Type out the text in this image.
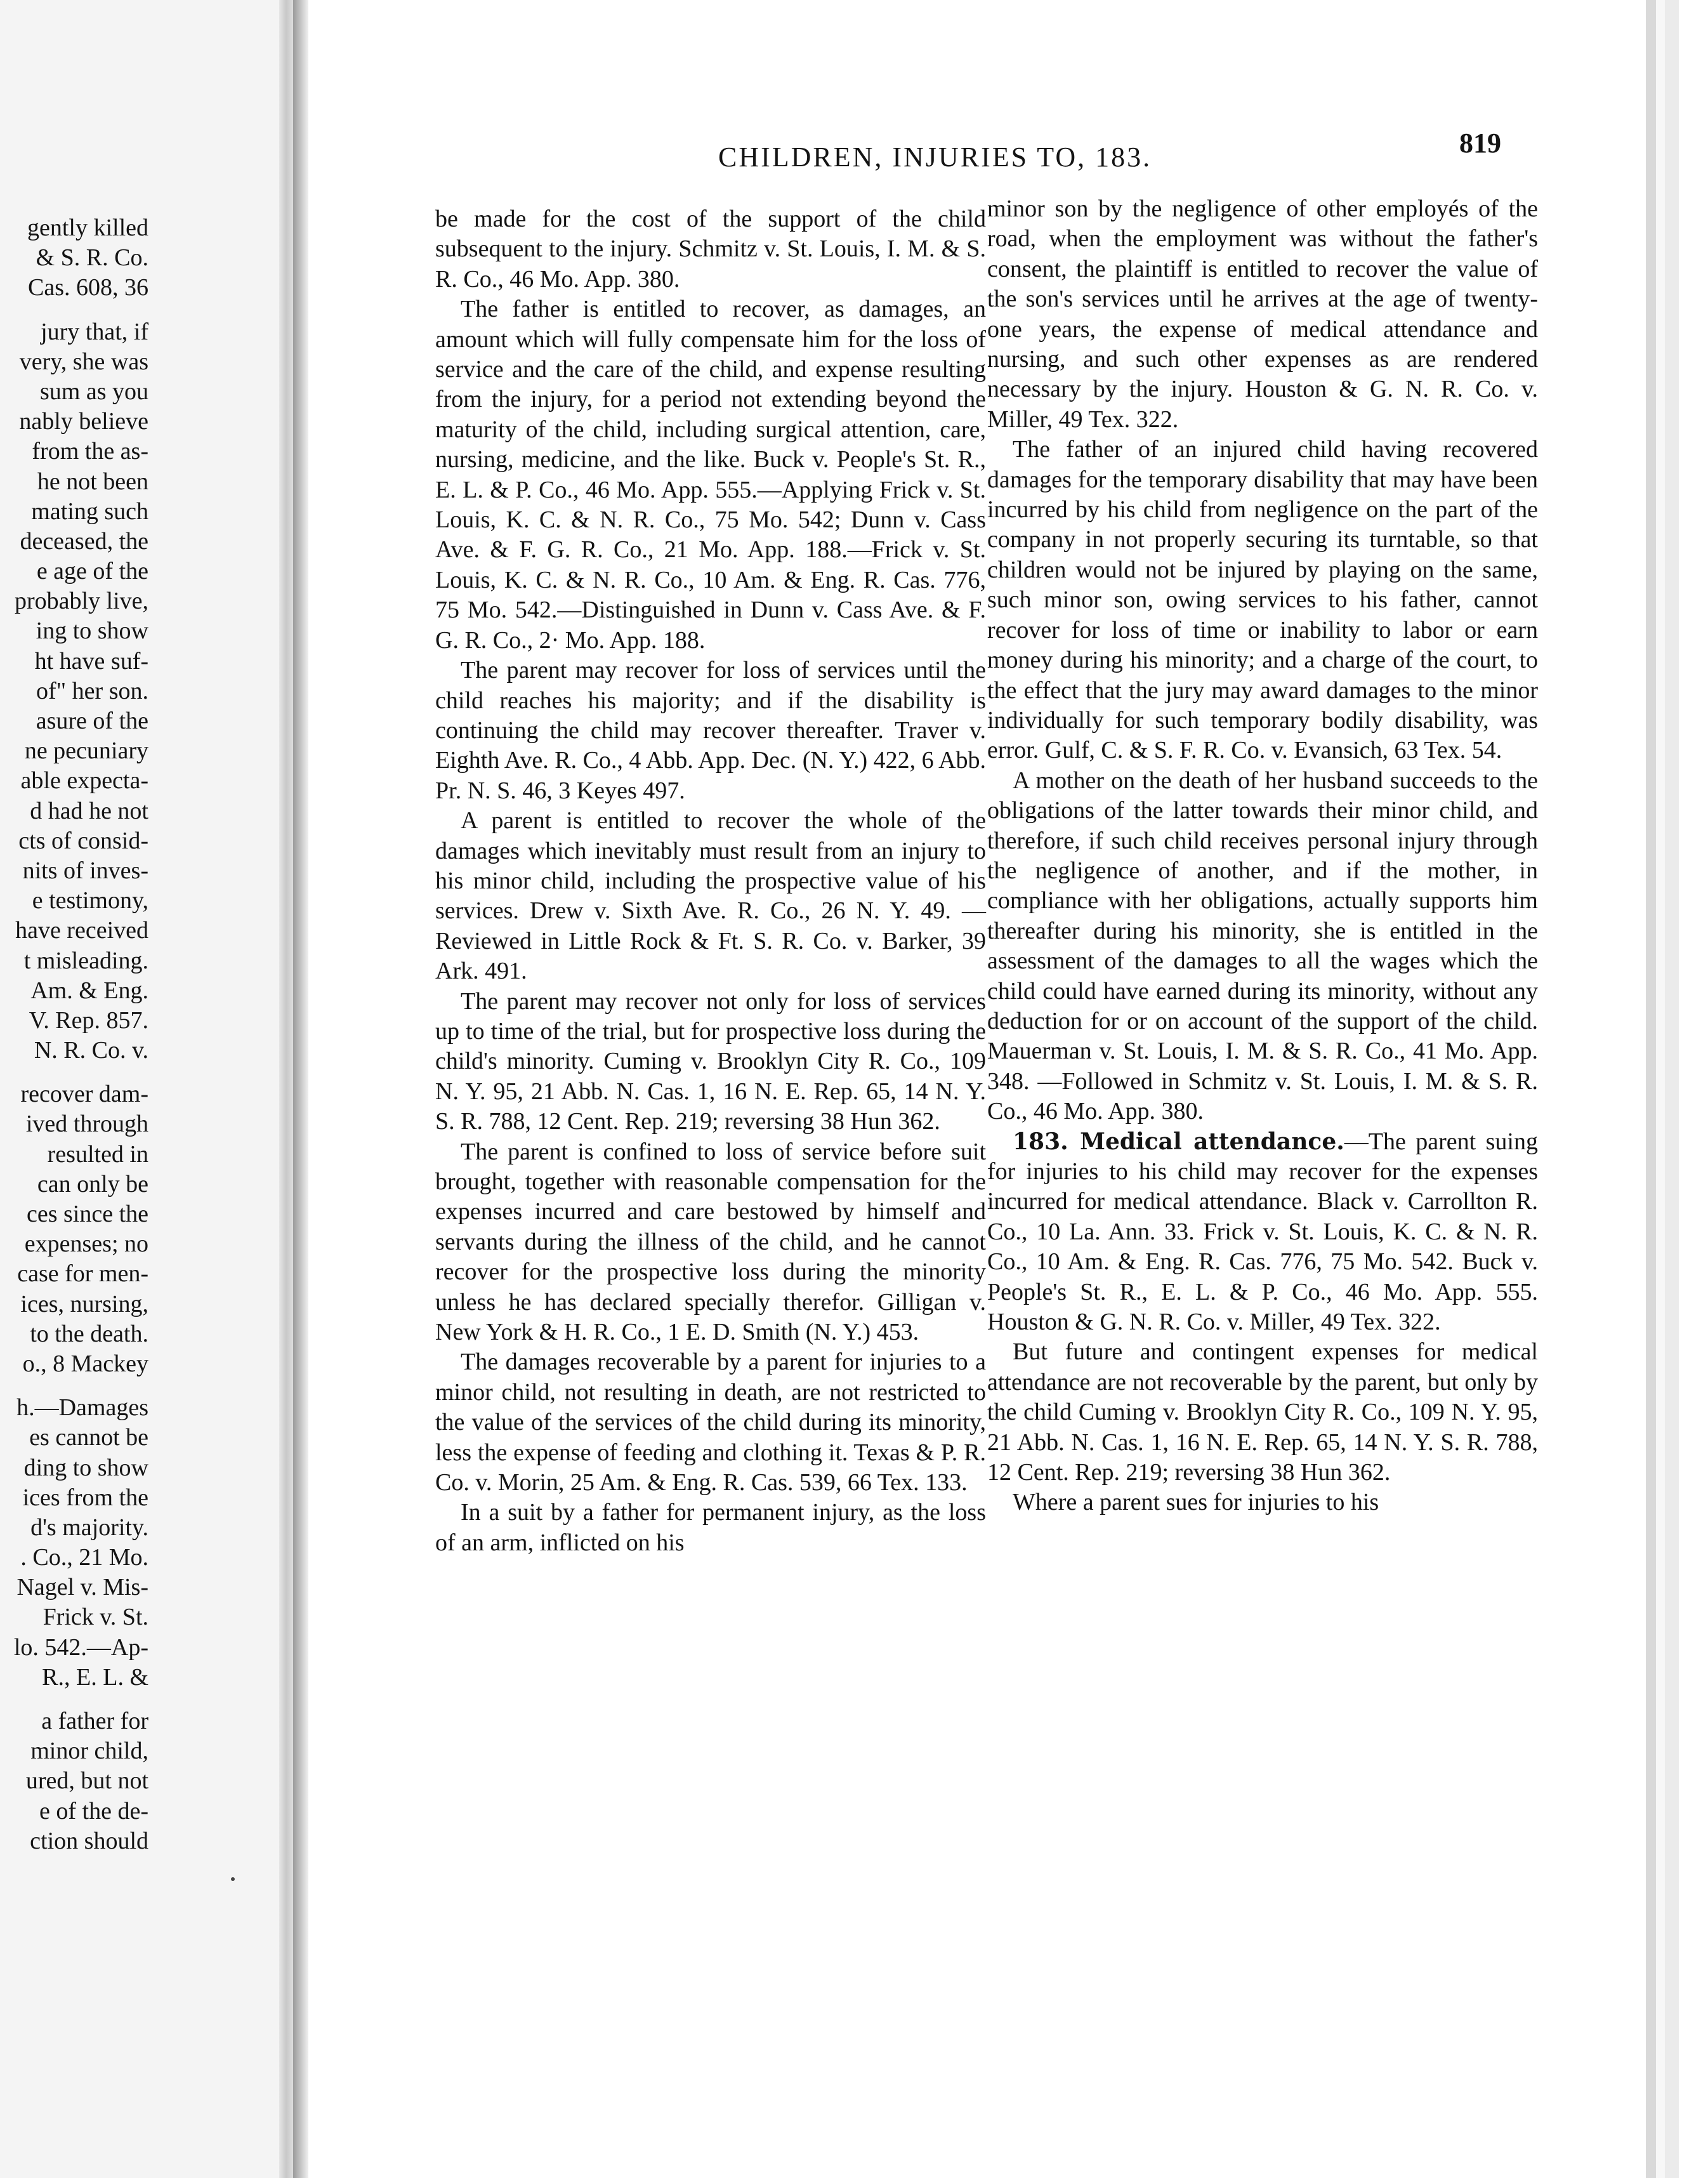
gently killed
& S. R. Co.
Cas. 608, 36
jury that, if
very, she was
sum as you
nably believe
from the as-
he not been
mating such
deceased, the
e age of the
probably live,
ing to show
ht have suf-
of" her son.
asure of the
ne pecuniary
able expecta-
d had he not
cts of consid-
nits of inves-
e testimony,
have received
t misleading.
Am. & Eng.
V. Rep. 857.
N. R. Co. v.
recover dam-
ived through
resulted in
can only be
ces since the
expenses; no
case for men-
ices, nursing,
to the death.
o., 8 Mackey
h.—Damages
es cannot be
ding to show
ices from the
d's majority.
. Co., 21 Mo.
Nagel v. Mis-
Frick v. St.
lo. 542.—Ap-
R., E. L. &
a father for
minor child,
ured, but not
e of the de-
ction should
CHILDREN, INJURIES TO, 183.	819

be made for the cost of the support of the child subsequent to the injury. Schmitz v. St. Louis, I. M. & S. R. Co., 46 Mo. App. 380.

The father is entitled to recover, as damages, an amount which will fully compensate him for the loss of service and the care of the child, and expense resulting from the injury, for a period not extending beyond the maturity of the child, including surgical attention, care, nursing, medicine, and the like. Buck v. People's St. R., E. L. & P. Co., 46 Mo. App. 555.—Applying Frick v. St. Louis, K. C. & N. R. Co., 75 Mo. 542; Dunn v. Cass Ave. & F. G. R. Co., 21 Mo. App. 188.—Frick v. St. Louis, K. C. & N. R. Co., 10 Am. & Eng. R. Cas. 776, 75 Mo. 542.—Distinguished in Dunn v. Cass Ave. & F. G. R. Co., 2· Mo. App. 188.

The parent may recover for loss of services until the child reaches his majority; and if the disability is continuing the child may recover thereafter. Traver v. Eighth Ave. R. Co., 4 Abb. App. Dec. (N. Y.) 422, 6 Abb. Pr. N. S. 46, 3 Keyes 497.

A parent is entitled to recover the whole of the damages which inevitably must result from an injury to his minor child, including the prospective value of his services. Drew v. Sixth Ave. R. Co., 26 N. Y. 49. — Reviewed in Little Rock & Ft. S. R. Co. v. Barker, 39 Ark. 491.

The parent may recover not only for loss of services up to time of the trial, but for prospective loss during the child's minority. Cuming v. Brooklyn City R. Co., 109 N. Y. 95, 21 Abb. N. Cas. 1, 16 N. E. Rep. 65, 14 N. Y. S. R. 788, 12 Cent. Rep. 219; reversing 38 Hun 362.

The parent is confined to loss of service before suit brought, together with reasonable compensation for the expenses incurred and care bestowed by himself and servants during the illness of the child, and he cannot recover for the prospective loss during the minority unless he has declared specially therefor. Gilligan v. New York & H. R. Co., 1 E. D. Smith (N. Y.) 453.

The damages recoverable by a parent for injuries to a minor child, not resulting in death, are not restricted to the value of the services of the child during its minority, less the expense of feeding and clothing it. Texas & P. R. Co. v. Morin, 25 Am. & Eng. R. Cas. 539, 66 Tex. 133.

In a suit by a father for permanent injury, as the loss of an arm, inflicted on his

minor son by the negligence of other employés of the road, when the employment was without the father's consent, the plaintiff is entitled to recover the value of the son's services until he arrives at the age of twenty-one years, the expense of medical attendance and nursing, and such other expenses as are rendered necessary by the injury. Houston & G. N. R. Co. v. Miller, 49 Tex. 322.

The father of an injured child having recovered damages for the temporary disability that may have been incurred by his child from negligence on the part of the company in not properly securing its turntable, so that children would not be injured by playing on the same, such minor son, owing services to his father, cannot recover for loss of time or inability to labor or earn money during his minority; and a charge of the court, to the effect that the jury may award damages to the minor individually for such temporary bodily disability, was error. Gulf, C. & S. F. R. Co. v. Evansich, 63 Tex. 54.

A mother on the death of her husband succeeds to the obligations of the latter towards their minor child, and therefore, if such child receives personal injury through the negligence of another, and if the mother, in compliance with her obligations, actually supports him thereafter during his minority, she is entitled in the assessment of the damages to all the wages which the child could have earned during its minority, without any deduction for or on account of the support of the child. Mauerman v. St. Louis, I. M. & S. R. Co., 41 Mo. App. 348. —Followed in Schmitz v. St. Louis, I. M. & S. R. Co., 46 Mo. App. 380.

183. Medical attendance.—The parent suing for injuries to his child may recover for the expenses incurred for medical attendance. Black v. Carrollton R. Co., 10 La. Ann. 33. Frick v. St. Louis, K. C. & N. R. Co., 10 Am. & Eng. R. Cas. 776, 75 Mo. 542. Buck v. People's St. R., E. L. & P. Co., 46 Mo. App. 555. Houston & G. N. R. Co. v. Miller, 49 Tex. 322.

But future and contingent expenses for medical attendance are not recoverable by the parent, but only by the child Cuming v. Brooklyn City R. Co., 109 N. Y. 95, 21 Abb. N. Cas. 1, 16 N. E. Rep. 65, 14 N. Y. S. R. 788, 12 Cent. Rep. 219; reversing 38 Hun 362.

Where a parent sues for injuries to his
